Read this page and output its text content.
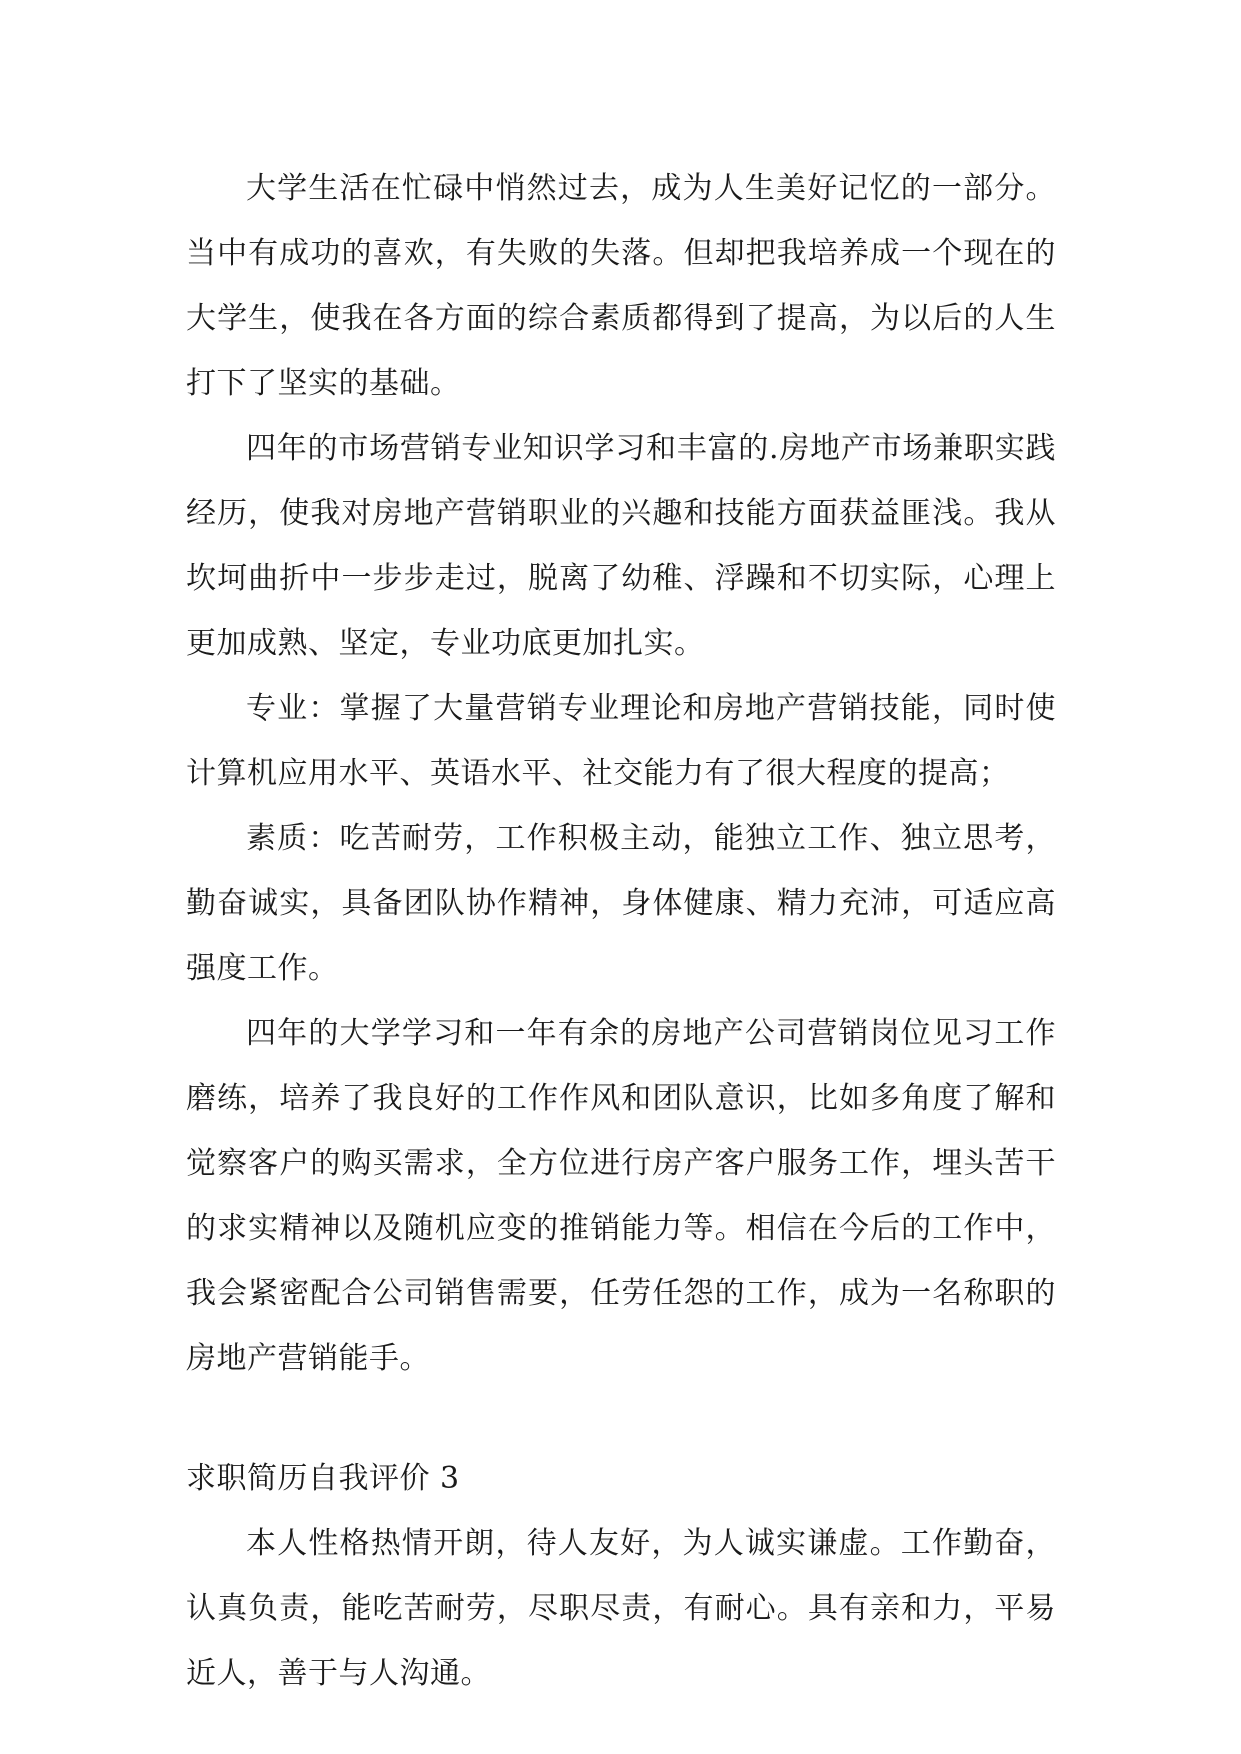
大学生活在忙碌中悄然过去，成为人生美好记忆的一部分。当中有成功的喜欢，有失败的失落。但却把我培养成一个现在的大学生，使我在各方面的综合素质都得到了提高，为以后的人生打下了坚实的基础。

四年的市场营销专业知识学习和丰富的.房地产市场兼职实践经历，使我对房地产营销职业的兴趣和技能方面获益匪浅。我从坎坷曲折中一步步走过，脱离了幼稚、浮躁和不切实际，心理上更加成熟、坚定，专业功底更加扎实。

专业：掌握了大量营销专业理论和房地产营销技能，同时使计算机应用水平、英语水平、社交能力有了很大程度的提高；

素质：吃苦耐劳，工作积极主动，能独立工作、独立思考，勤奋诚实，具备团队协作精神，身体健康、精力充沛，可适应高强度工作。

四年的大学学习和一年有余的房地产公司营销岗位见习工作磨练，培养了我良好的工作作风和团队意识，比如多角度了解和觉察客户的购买需求，全方位进行房产客户服务工作，埋头苦干的求实精神以及随机应变的推销能力等。相信在今后的工作中，我会紧密配合公司销售需要，任劳任怨的工作，成为一名称职的房地产营销能手。

求职简历自我评价 3

本人性格热情开朗，待人友好，为人诚实谦虚。工作勤奋，认真负责，能吃苦耐劳，尽职尽责，有耐心。具有亲和力，平易近人，善于与人沟通。
